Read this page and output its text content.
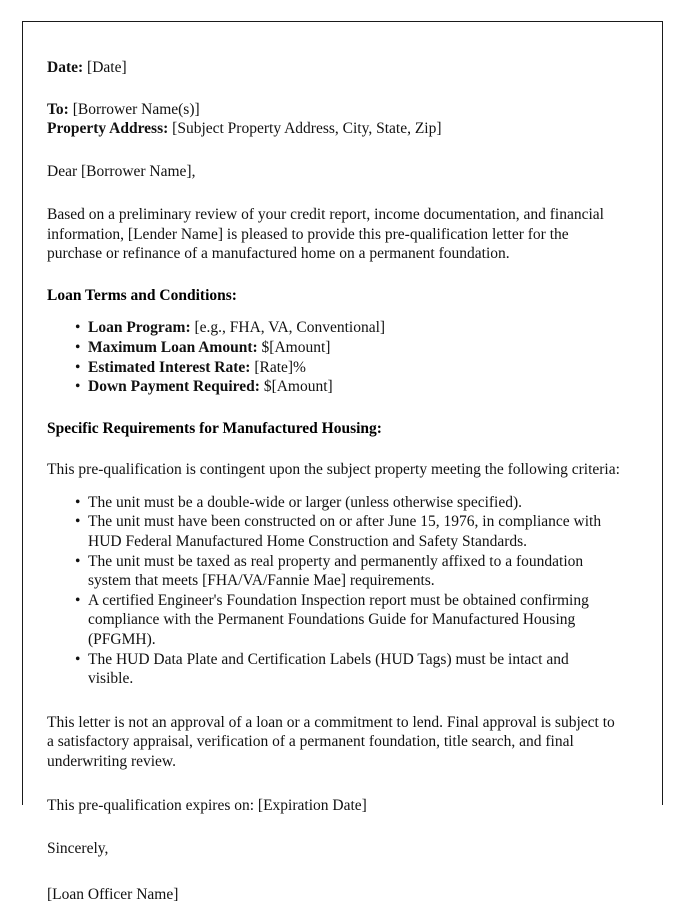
Date: [Date]
To: [Borrower Name(s)]
Property Address: [Subject Property Address, City, State, Zip]
Dear [Borrower Name],
Based on a preliminary review of your credit report, income documentation, and financial information, [Lender Name] is pleased to provide this pre-qualification letter for the purchase or refinance of a manufactured home on a permanent foundation.
Loan Terms and Conditions:
• Loan Program: [e.g., FHA, VA, Conventional]
• Maximum Loan Amount: $[Amount]
• Estimated Interest Rate: [Rate]%
• Down Payment Required: $[Amount]
Specific Requirements for Manufactured Housing:
This pre-qualification is contingent upon the subject property meeting the following criteria:
• The unit must be a double-wide or larger (unless otherwise specified).
• The unit must have been constructed on or after June 15, 1976, in compliance with HUD Federal Manufactured Home Construction and Safety Standards.
• The unit must be taxed as real property and permanently affixed to a foundation system that meets [FHA/VA/Fannie Mae] requirements.
• A certified Engineer's Foundation Inspection report must be obtained confirming compliance with the Permanent Foundations Guide for Manufactured Housing (PFGMH).
• The HUD Data Plate and Certification Labels (HUD Tags) must be intact and visible.
This letter is not an approval of a loan or a commitment to lend. Final approval is subject to a satisfactory appraisal, verification of a permanent foundation, title search, and final underwriting review.
This pre-qualification expires on: [Expiration Date]
Sincerely,
[Loan Officer Name]
